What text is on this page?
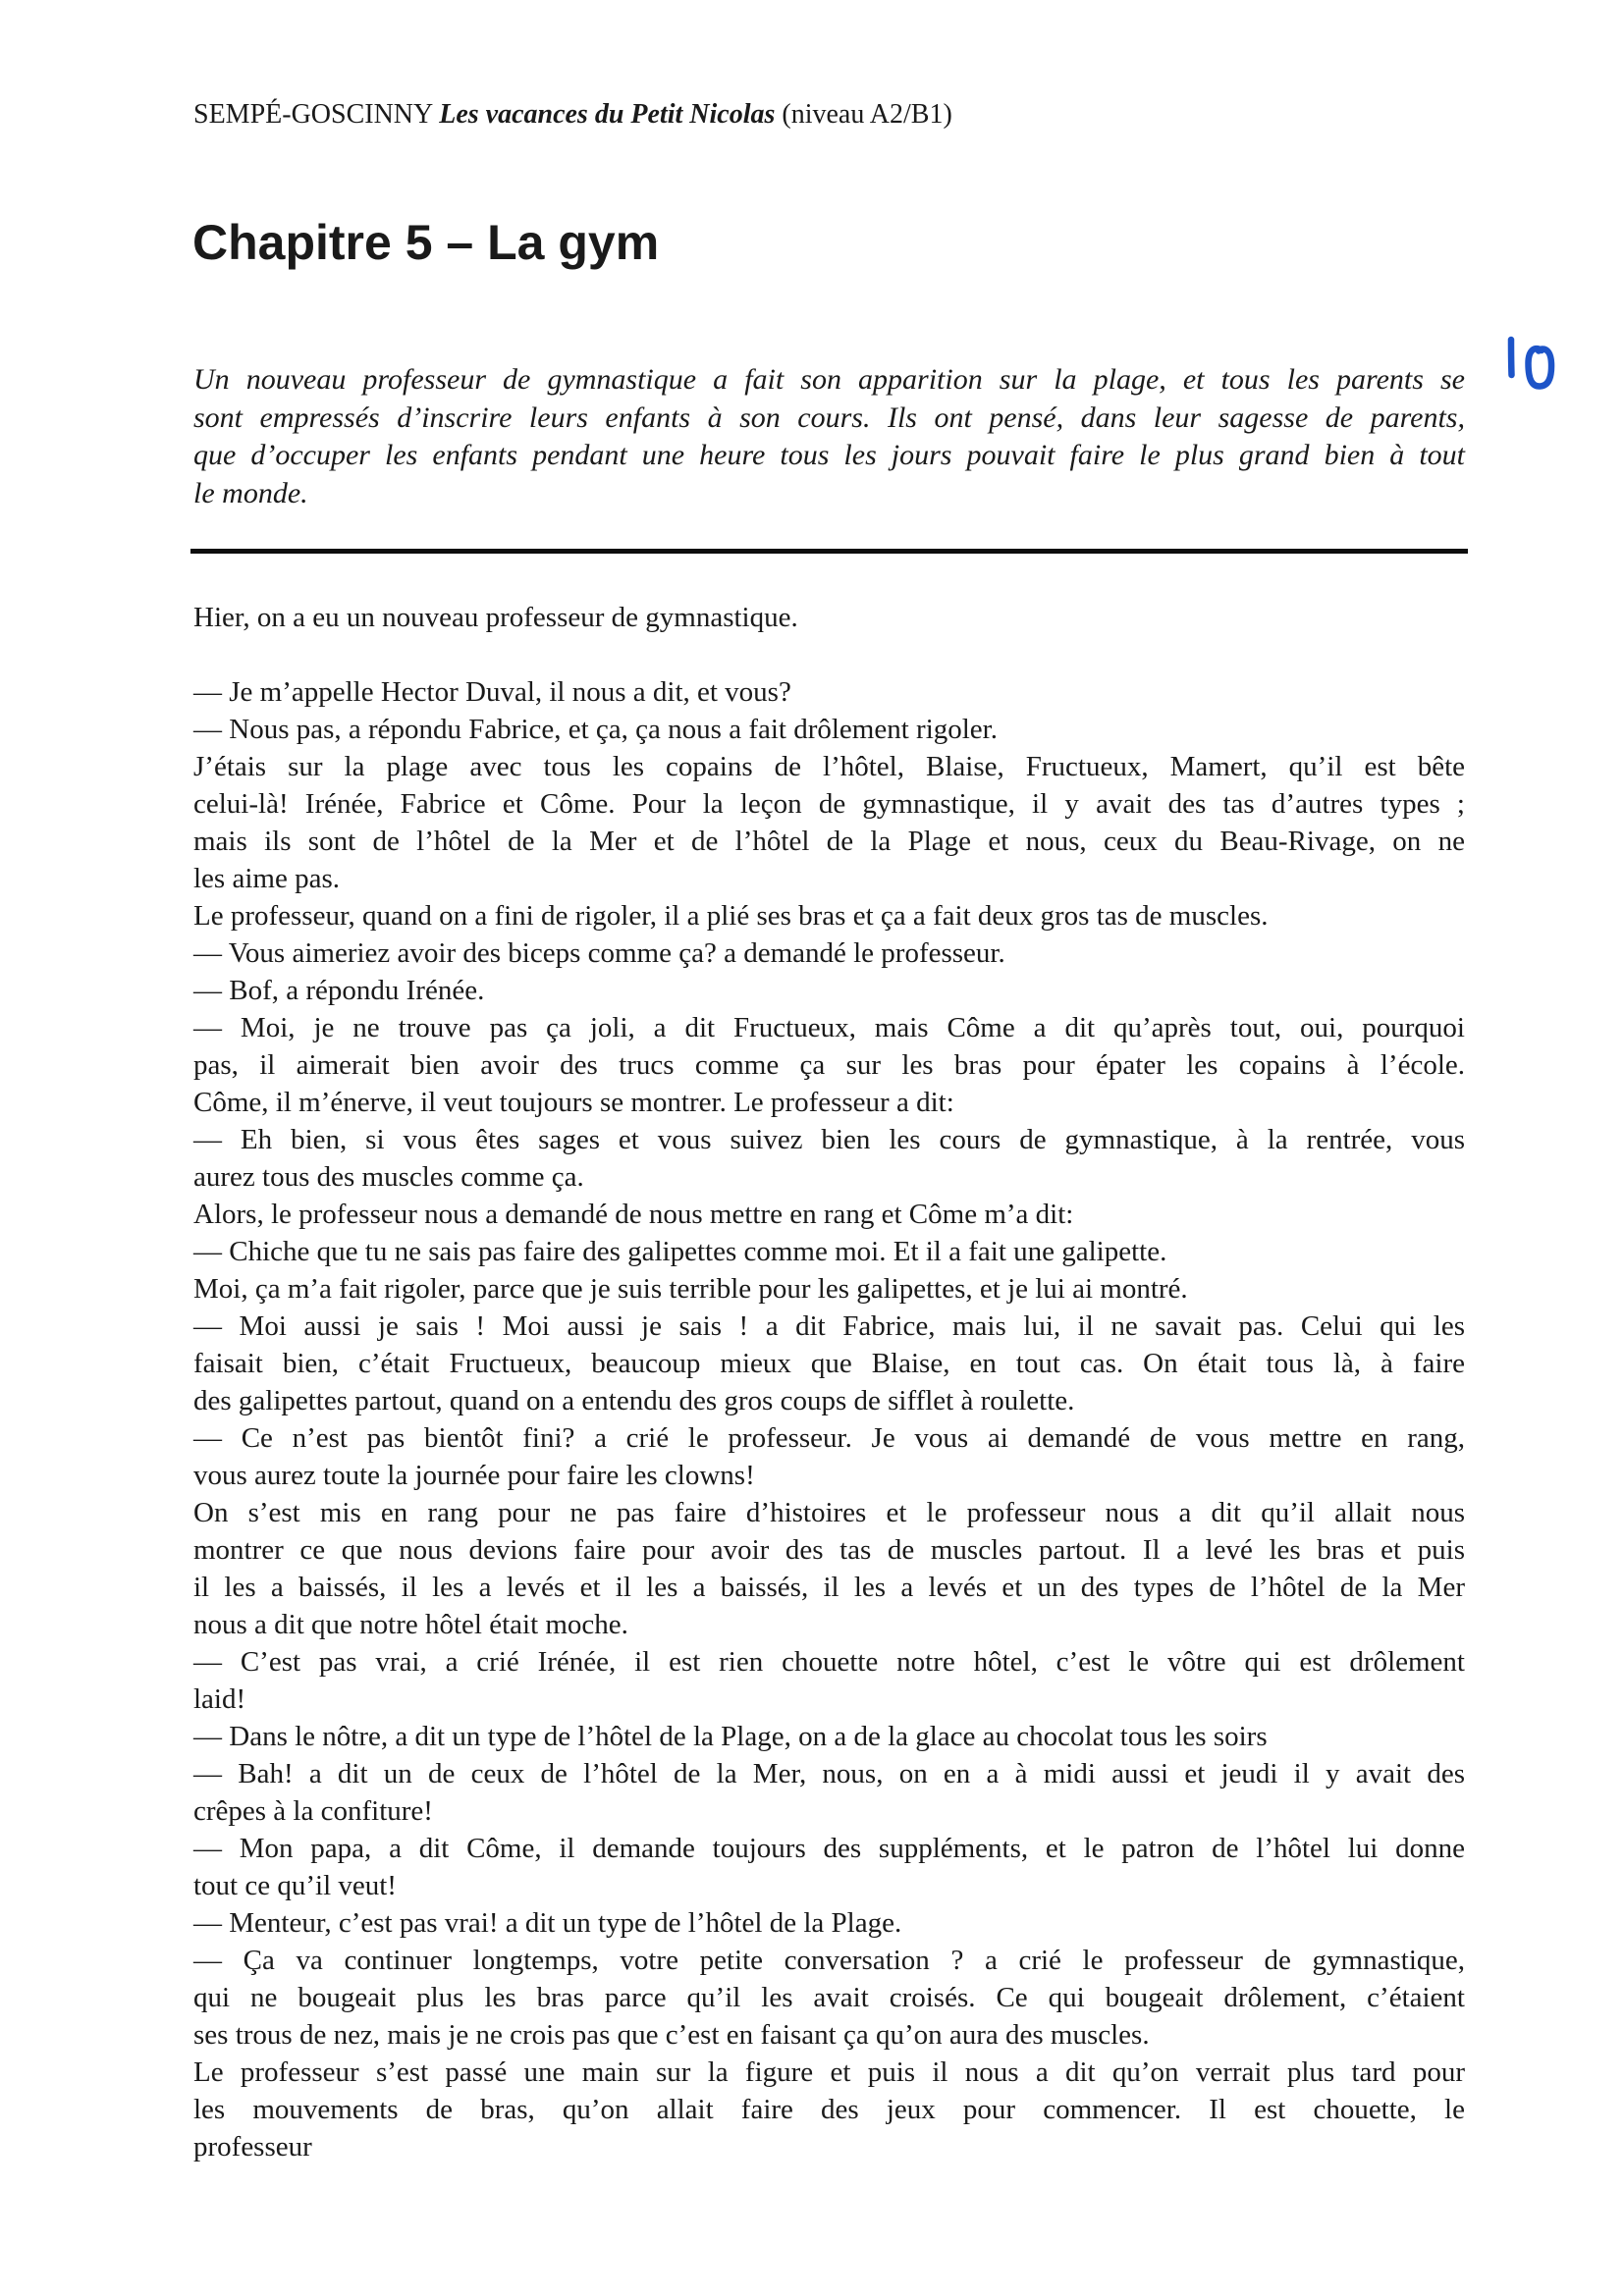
SEMPÉ-GOSCINNY Les vacances du Petit Nicolas (niveau A2/B1)
Chapitre 5 – La gym
Un nouveau professeur de gymnastique a fait son apparition sur la plage, et tous les parents se
sont empressés d’inscrire leurs enfants à son cours. Ils ont pensé, dans leur sagesse de parents,
que d’occuper les enfants pendant une heure tous les jours pouvait faire le plus grand bien à tout
le monde.
Hier, on a eu un nouveau professeur de gymnastique.

— Je m’appelle Hector Duval, il nous a dit, et vous?
— Nous pas, a répondu Fabrice, et ça, ça nous a fait drôlement rigoler.
J’étais sur la plage avec tous les copains de l’hôtel, Blaise, Fructueux, Mamert, qu’il est bête
celui-là! Irénée, Fabrice et Côme. Pour la leçon de gymnastique, il y avait des tas d’autres types ;
mais ils sont de l’hôtel de la Mer et de l’hôtel de la Plage et nous, ceux du Beau-Rivage, on ne
les aime pas.
Le professeur, quand on a fini de rigoler, il a plié ses bras et ça a fait deux gros tas de muscles.
— Vous aimeriez avoir des biceps comme ça? a demandé le professeur.
— Bof, a répondu Irénée.
— Moi, je ne trouve pas ça joli, a dit Fructueux, mais Côme a dit qu’après tout, oui, pourquoi
pas, il aimerait bien avoir des trucs comme ça sur les bras pour épater les copains à l’école.
Côme, il m’énerve, il veut toujours se montrer. Le professeur a dit:
— Eh bien, si vous êtes sages et vous suivez bien les cours de gymnastique, à la rentrée, vous
aurez tous des muscles comme ça.
Alors, le professeur nous a demandé de nous mettre en rang et Côme m’a dit:
— Chiche que tu ne sais pas faire des galipettes comme moi. Et il a fait une galipette.
Moi, ça m’a fait rigoler, parce que je suis terrible pour les galipettes, et je lui ai montré.
— Moi aussi je sais ! Moi aussi je sais ! a dit Fabrice, mais lui, il ne savait pas. Celui qui les
faisait bien, c’était Fructueux, beaucoup mieux que Blaise, en tout cas. On était tous là, à faire
des galipettes partout, quand on a entendu des gros coups de sifflet à roulette.
— Ce n’est pas bientôt fini? a crié le professeur. Je vous ai demandé de vous mettre en rang,
vous aurez toute la journée pour faire les clowns!
On s’est mis en rang pour ne pas faire d’histoires et le professeur nous a dit qu’il allait nous
montrer ce que nous devions faire pour avoir des tas de muscles partout. Il a levé les bras et puis
il les a baissés, il les a levés et il les a baissés, il les a levés et un des types de l’hôtel de la Mer
nous a dit que notre hôtel était moche.
— C’est pas vrai, a crié Irénée, il est rien chouette notre hôtel, c’est le vôtre qui est drôlement
laid!
— Dans le nôtre, a dit un type de l’hôtel de la Plage, on a de la glace au chocolat tous les soirs
— Bah! a dit un de ceux de l’hôtel de la Mer, nous, on en a à midi aussi et jeudi il y avait des
crêpes à la confiture!
— Mon papa, a dit Côme, il demande toujours des suppléments, et le patron de l’hôtel lui donne
tout ce qu’il veut!
— Menteur, c’est pas vrai! a dit un type de l’hôtel de la Plage.
— Ça va continuer longtemps, votre petite conversation ? a crié le professeur de gymnastique,
qui ne bougeait plus les bras parce qu’il les avait croisés. Ce qui bougeait drôlement, c’étaient
ses trous de nez, mais je ne crois pas que c’est en faisant ça qu’on aura des muscles.
Le professeur s’est passé une main sur la figure et puis il nous a dit qu’on verrait plus tard pour
les mouvements de bras, qu’on allait faire des jeux pour commencer. Il est chouette, le
professeur
